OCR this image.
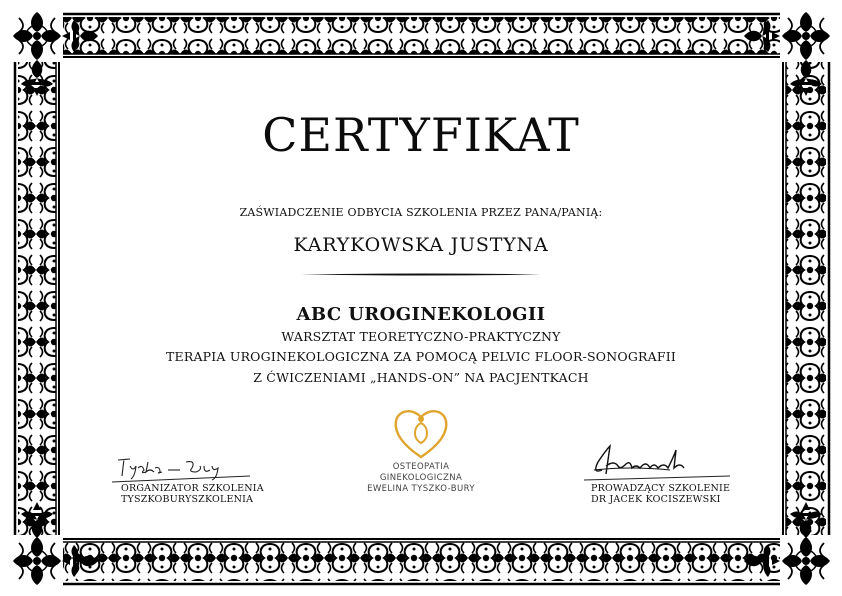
CERTYFIKAT
ZAŚWIADCZENIE ODBYCIA SZKOLENIA PRZEZ PANA/PANIĄ:
KARYKOWSKA JUSTYNA
ABC UROGINEKOLOGII
WARSZTAT TEORETYCZNO-PRAKTYCZNY
TERAPIA UROGINEKOLOGICZNA ZA POMOCĄ PELVIC FLOOR-SONOGRAFII
Z ĆWICZENIAMI „HANDS-ON” NA PACJENTKACH
OSTEOPATIA
GINEKOLOGICZNA
EWELINA TYSZKO-BURY
ORGANIZATOR SZKOLENIA
TYSZKOBURYSZKOLENIA
PROWADZĄCY SZKOLENIE
DR JACEK KOCISZEWSKI
